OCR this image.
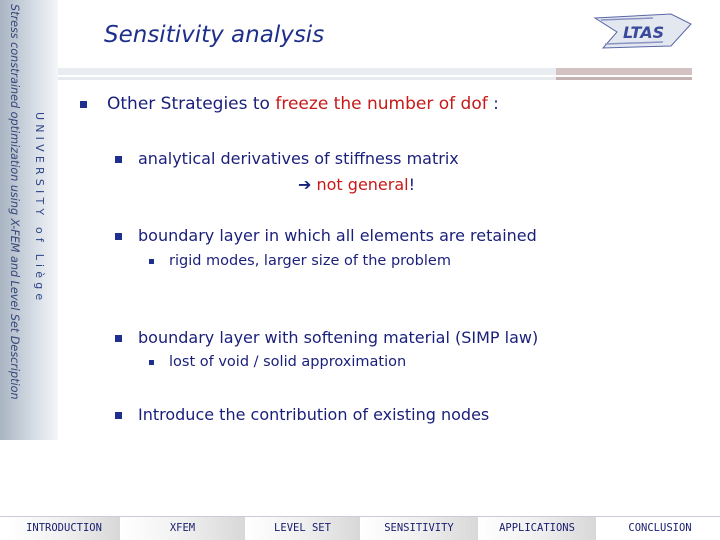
Stress constrained optimization using X-FEM and Level Set Description UNIVERSITY of Liège
Sensitivity analysis	LTAS
Other Strategies to freeze the number of dof :
analytical derivatives of stiffness matrix
➔ not general!
boundary layer in which all elements are retained
rigid modes, larger size of the problem
boundary layer with softening material (SIMP law)
lost of void / solid approximation
Introduce the contribution of existing nodes
INTRODUCTION	XFEM	LEVEL SET	SENSITIVITY	APPLICATIONS	CONCLUSION
